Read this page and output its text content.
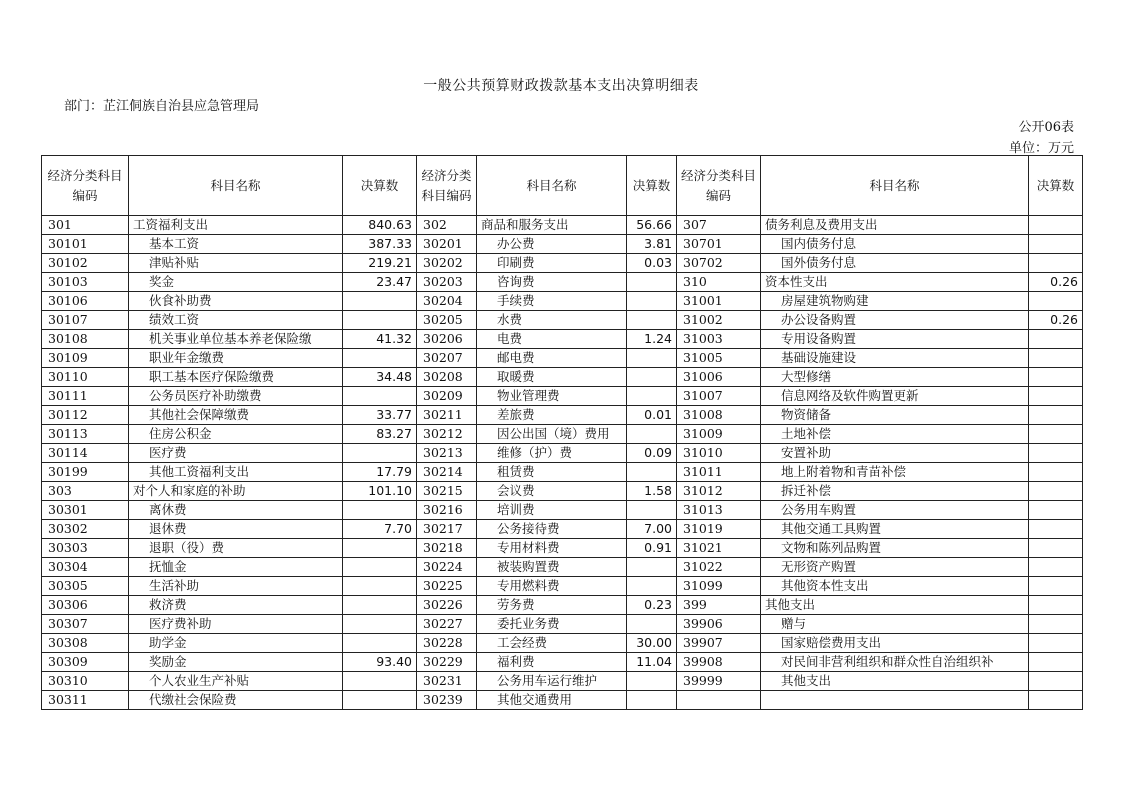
一般公共预算财政拨款基本支出决算明细表
部门：芷江侗族自治县应急管理局
公开06表
单位：万元
经济分类科目编码	科目名称	决算数	经济分类科目编码	科目名称	决算数	经济分类科目编码	科目名称	决算数
301	工资福利支出	840.63	302	商品和服务支出	56.66	307	债务利息及费用支出	
30101	基本工资	387.33	30201	办公费	3.81	30701	国内债务付息	
30102	津贴补贴	219.21	30202	印刷费	0.03	30702	国外债务付息	
30103	奖金	23.47	30203	咨询费		310	资本性支出	0.26
30106	伙食补助费		30204	手续费		31001	房屋建筑物购建	
30107	绩效工资		30205	水费		31002	办公设备购置	0.26
30108	机关事业单位基本养老保险缴	41.32	30206	电费	1.24	31003	专用设备购置	
30109	职业年金缴费		30207	邮电费		31005	基础设施建设	
30110	职工基本医疗保险缴费	34.48	30208	取暖费		31006	大型修缮	
30111	公务员医疗补助缴费		30209	物业管理费		31007	信息网络及软件购置更新	
30112	其他社会保障缴费	33.77	30211	差旅费	0.01	31008	物资储备	
30113	住房公积金	83.27	30212	因公出国（境）费用		31009	土地补偿	
30114	医疗费		30213	维修（护）费	0.09	31010	安置补助	
30199	其他工资福利支出	17.79	30214	租赁费		31011	地上附着物和青苗补偿	
303	对个人和家庭的补助	101.10	30215	会议费	1.58	31012	拆迁补偿	
30301	离休费		30216	培训费		31013	公务用车购置	
30302	退休费	7.70	30217	公务接待费	7.00	31019	其他交通工具购置	
30303	退职（役）费		30218	专用材料费	0.91	31021	文物和陈列品购置	
30304	抚恤金		30224	被装购置费		31022	无形资产购置	
30305	生活补助		30225	专用燃料费		31099	其他资本性支出	
30306	救济费		30226	劳务费	0.23	399	其他支出	
30307	医疗费补助		30227	委托业务费		39906	赠与	
30308	助学金		30228	工会经费	30.00	39907	国家赔偿费用支出	
30309	奖励金	93.40	30229	福利费	11.04	39908	对民间非营利组织和群众性自治组织补	
30310	个人农业生产补贴		30231	公务用车运行维护		39999	其他支出	
30311	代缴社会保险费		30239	其他交通费用				
